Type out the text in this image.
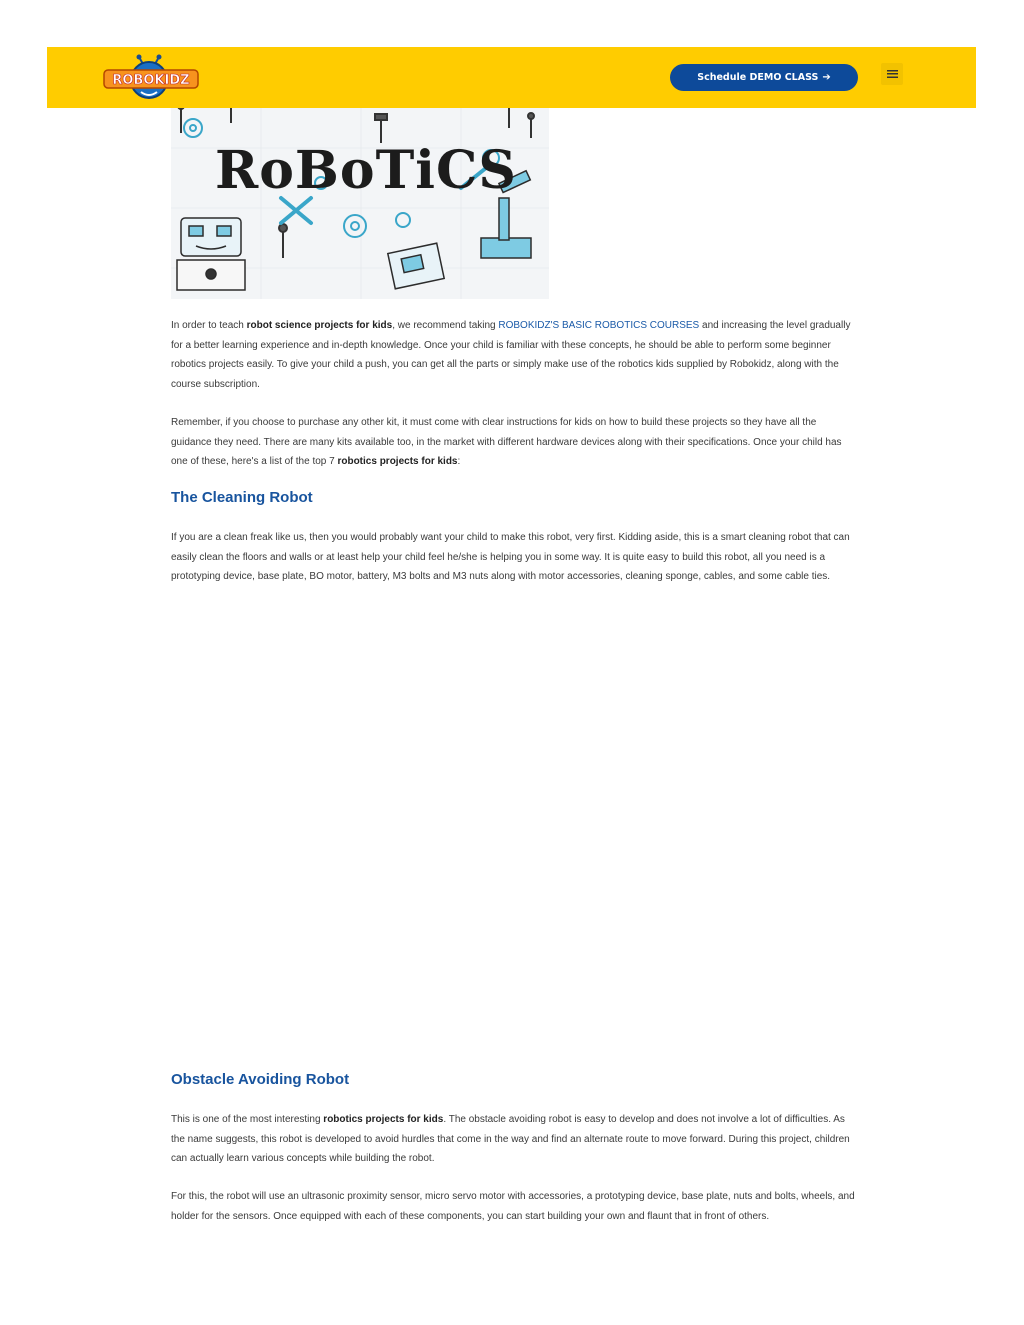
ROBOKIDZ	Schedule DEMO CLASS ➔
RoBoTiCS

In order to teach robot science projects for kids, we recommend taking ROBOKIDZ'S BASIC ROBOTICS COURSES and increasing the level gradually for a better learning experience and in-depth knowledge. Once your child is familiar with these concepts, he should be able to perform some beginner robotics projects easily. To give your child a push, you can get all the parts or simply make use of the robotics kids supplied by Robokidz, along with the course subscription.

Remember, if you choose to purchase any other kit, it must come with clear instructions for kids on how to build these projects so they have all the guidance they need. There are many kits available too, in the market with different hardware devices along with their specifications. Once your child has one of these, here's a list of the top 7 robotics projects for kids:

The Cleaning Robot

If you are a clean freak like us, then you would probably want your child to make this robot, very first. Kidding aside, this is a smart cleaning robot that can easily clean the floors and walls or at least help your child feel he/she is helping you in some way. It is quite easy to build this robot, all you need is a prototyping device, base plate, BO motor, battery, M3 bolts and M3 nuts along with motor accessories, cleaning sponge, cables, and some cable ties.

Obstacle Avoiding Robot

This is one of the most interesting robotics projects for kids. The obstacle avoiding robot is easy to develop and does not involve a lot of difficulties. As the name suggests, this robot is developed to avoid hurdles that come in the way and find an alternate route to move forward. During this project, children can actually learn various concepts while building the robot.

For this, the robot will use an ultrasonic proximity sensor, micro servo motor with accessories, a prototyping device, base plate, nuts and bolts, wheels, and holder for the sensors. Once equipped with each of these components, you can start building your own and flaunt that in front of others.
